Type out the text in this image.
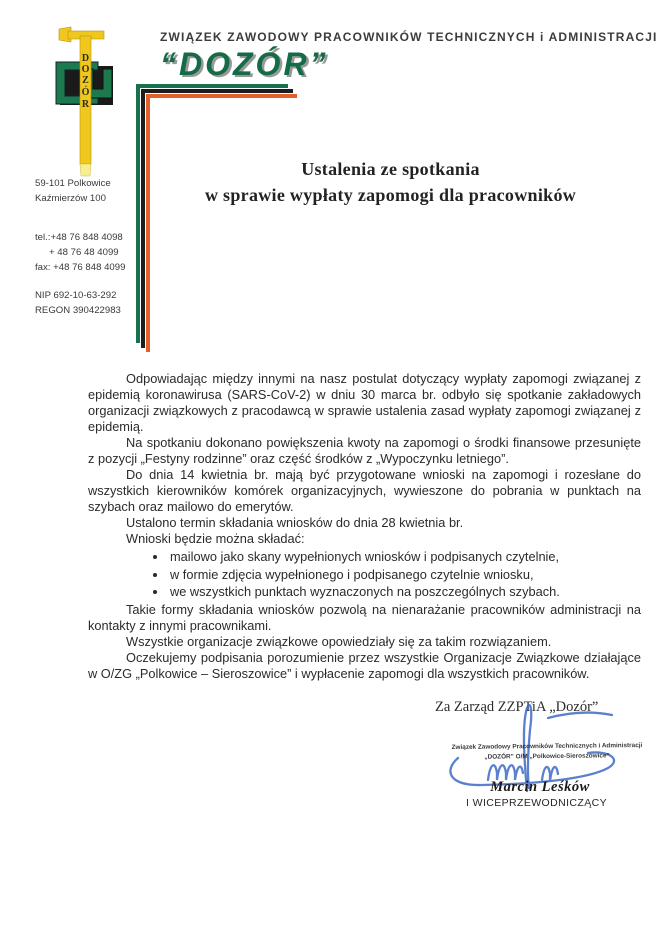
D
O
Z
Ó
R
ZWIĄZEK ZAWODOWY PRACOWNIKÓW TECHNICZNYCH i ADMINISTRACJI
“DOZÓR”
59-101 Polkowice
Kaźmierzów 100
tel.:+48 76 848 4098
+ 48 76 48 4099
fax: +48 76 848 4099
NIP 692-10-63-292
REGON 390422983
Ustalenia ze spotkania
w sprawie wypłaty zapomogi dla pracowników

Odpowiadając między innymi na nasz postulat dotyczący wypłaty zapomogi związanej z epidemią koronawirusa (SARS-CoV-2) w dniu 30 marca br. odbyło się spotkanie zakładowych organizacji związkowych z pracodawcą w sprawie ustalenia zasad wypłaty zapomogi związanej z epidemią.

Na spotkaniu dokonano powiększenia kwoty na zapomogi o środki finansowe przesunięte z pozycji „Festyny rodzinne” oraz część środków z „Wypoczynku letniego”.

Do dnia 14 kwietnia br. mają być przygotowane wnioski na zapomogi i rozesłane do wszystkich kierowników komórek organizacyjnych, wywieszone do pobrania w punktach na szybach oraz mailowo do emerytów.

Ustalono termin składania wniosków do dnia 28 kwietnia br.

Wnioski będzie można składać:

• mailowo jako skany wypełnionych wniosków i podpisanych czytelnie,
• w formie zdjęcia wypełnionego i podpisanego czytelnie wniosku,
• we wszystkich punktach wyznaczonych na poszczególnych szybach.

Takie formy składania wniosków pozwolą na nienarażanie pracowników administracji na kontakty z innymi pracownikami.

Wszystkie organizacje związkowe opowiedziały się za takim rozwiązaniem.

Oczekujemy podpisania porozumienie przez wszystkie Organizacje Związkowe działające w O/ZG „Polkowice – Sieroszowice” i wypłacenie zapomogi dla wszystkich pracowników.

Za Zarząd ZZPTiA „Dozór”
Związek Zawodowy Pracowników Technicznych i Administracji
„DOZÓR” O/M „Polkowice-Sieroszowice”
Marcin Leśków
I WICEPRZEWODNICZĄCY
